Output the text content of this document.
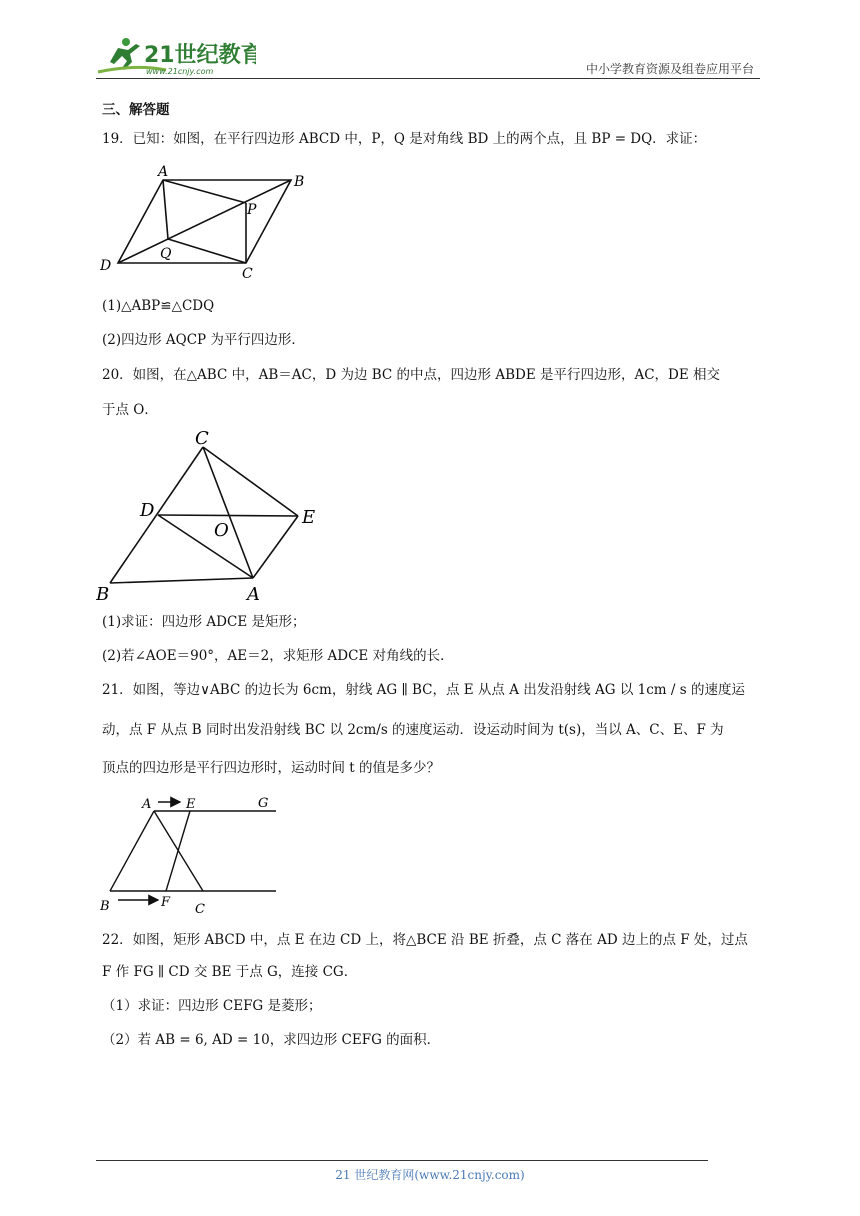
21世纪教育
www.21cnjy.com	中小学教育资源及组卷应用平台
三、解答题
19．已知：如图，在平行四边形 ABCD 中，P，Q 是对角线 BD 上的两个点，且 BP = DQ．求证：
A
B
C
D
P
Q
(1)△ABP≌△CDQ
(2)四边形 AQCP 为平行四边形．
20．如图，在△ABC 中，AB＝AC，D 为边 BC 的中点，四边形 ABDE 是平行四边形，AC，DE 相交
于点 O．
B	A
C
D	E
O
(1)求证：四边形 ADCE 是矩形；
(2)若∠AOE＝90°，AE＝2，求矩形 ADCE 对角线的长．
21．如图，等边∨ABC 的边长为 6cm，射线 AG ∥ BC，点 E 从点 A 出发沿射线 AG 以 1cm / s 的速度运
动，点 F 从点 B 同时出发沿射线 BC 以 2cm/s 的速度运动．设运动时间为 t(s)，当以 A、C、E、F 为
顶点的四边形是平行四边形时，运动时间 t 的值是多少？
A	E	G
B	F C
22．如图，矩形 ABCD 中，点 E 在边 CD 上，将△BCE 沿 BE 折叠，点 C 落在 AD 边上的点 F 处，过点
F 作 FG ∥ CD 交 BE 于点 G，连接 CG．
（1）求证：四边形 CEFG 是菱形；
（2）若 AB = 6, AD = 10，求四边形 CEFG 的面积．
21 世纪教育网(www.21cnjy.com)
